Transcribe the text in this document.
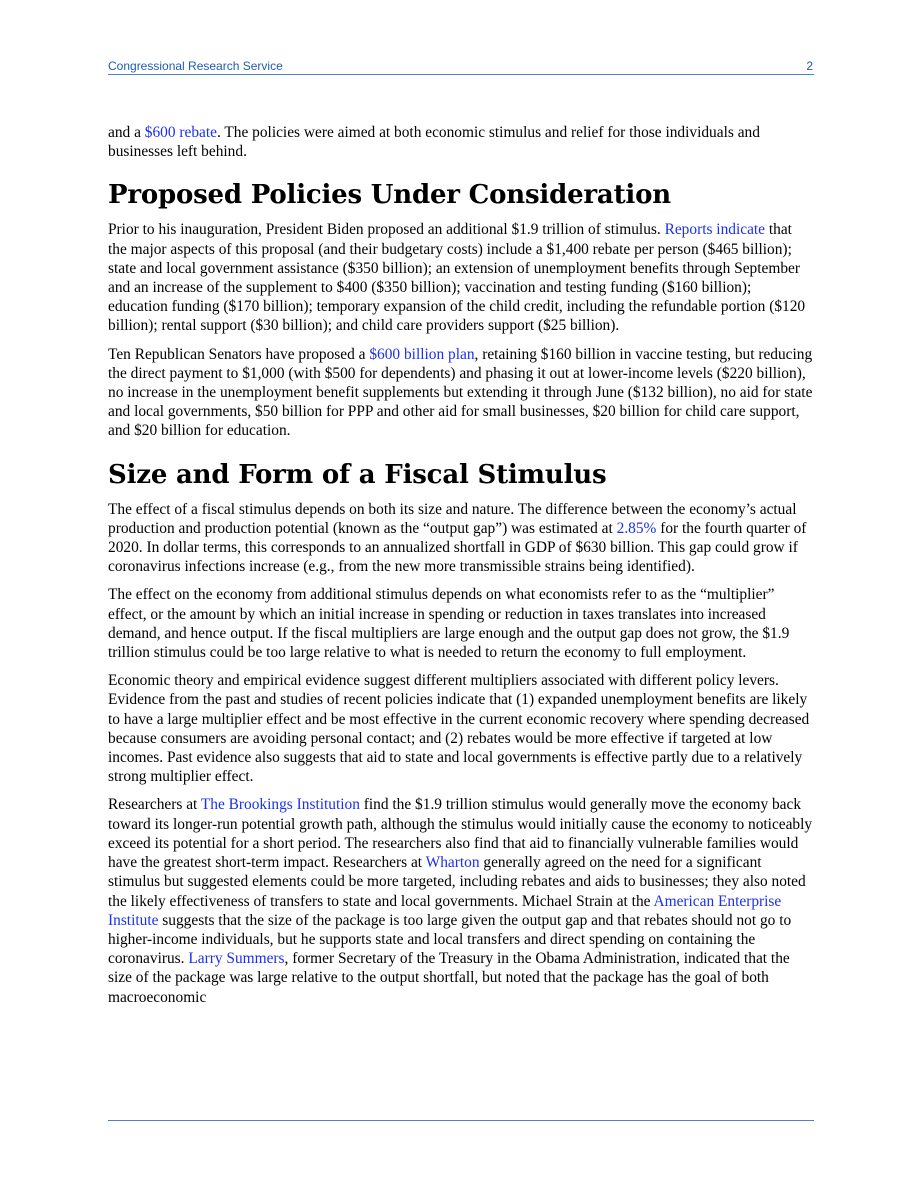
Congressional Research Service	2

and a $600 rebate. The policies were aimed at both economic stimulus and relief for those individuals and businesses left behind.

Proposed Policies Under Consideration

Prior to his inauguration, President Biden proposed an additional $1.9 trillion of stimulus. Reports indicate that the major aspects of this proposal (and their budgetary costs) include a $1,400 rebate per person ($465 billion); state and local government assistance ($350 billion); an extension of unemployment benefits through September and an increase of the supplement to $400 ($350 billion); vaccination and testing funding ($160 billion); education funding ($170 billion); temporary expansion of the child credit, including the refundable portion ($120 billion); rental support ($30 billion); and child care providers support ($25 billion).

Ten Republican Senators have proposed a $600 billion plan, retaining $160 billion in vaccine testing, but reducing the direct payment to $1,000 (with $500 for dependents) and phasing it out at lower-income levels ($220 billion), no increase in the unemployment benefit supplements but extending it through June ($132 billion), no aid for state and local governments, $50 billion for PPP and other aid for small businesses, $20 billion for child care support, and $20 billion for education.

Size and Form of a Fiscal Stimulus

The effect of a fiscal stimulus depends on both its size and nature. The difference between the economy’s actual production and production potential (known as the “output gap”) was estimated at 2.85% for the fourth quarter of 2020. In dollar terms, this corresponds to an annualized shortfall in GDP of $630 billion. This gap could grow if coronavirus infections increase (e.g., from the new more transmissible strains being identified).

The effect on the economy from additional stimulus depends on what economists refer to as the “multiplier” effect, or the amount by which an initial increase in spending or reduction in taxes translates into increased demand, and hence output. If the fiscal multipliers are large enough and the output gap does not grow, the $1.9 trillion stimulus could be too large relative to what is needed to return the economy to full employment.

Economic theory and empirical evidence suggest different multipliers associated with different policy levers. Evidence from the past and studies of recent policies indicate that (1) expanded unemployment benefits are likely to have a large multiplier effect and be most effective in the current economic recovery where spending decreased because consumers are avoiding personal contact; and (2) rebates would be more effective if targeted at low incomes. Past evidence also suggests that aid to state and local governments is effective partly due to a relatively strong multiplier effect.

Researchers at The Brookings Institution find the $1.9 trillion stimulus would generally move the economy back toward its longer-run potential growth path, although the stimulus would initially cause the economy to noticeably exceed its potential for a short period. The researchers also find that aid to financially vulnerable families would have the greatest short-term impact. Researchers at Wharton generally agreed on the need for a significant stimulus but suggested elements could be more targeted, including rebates and aids to businesses; they also noted the likely effectiveness of transfers to state and local governments. Michael Strain at the American Enterprise Institute suggests that the size of the package is too large given the output gap and that rebates should not go to higher-income individuals, but he supports state and local transfers and direct spending on containing the coronavirus. Larry Summers, former Secretary of the Treasury in the Obama Administration, indicated that the size of the package was large relative to the output shortfall, but noted that the package has the goal of both macroeconomic
